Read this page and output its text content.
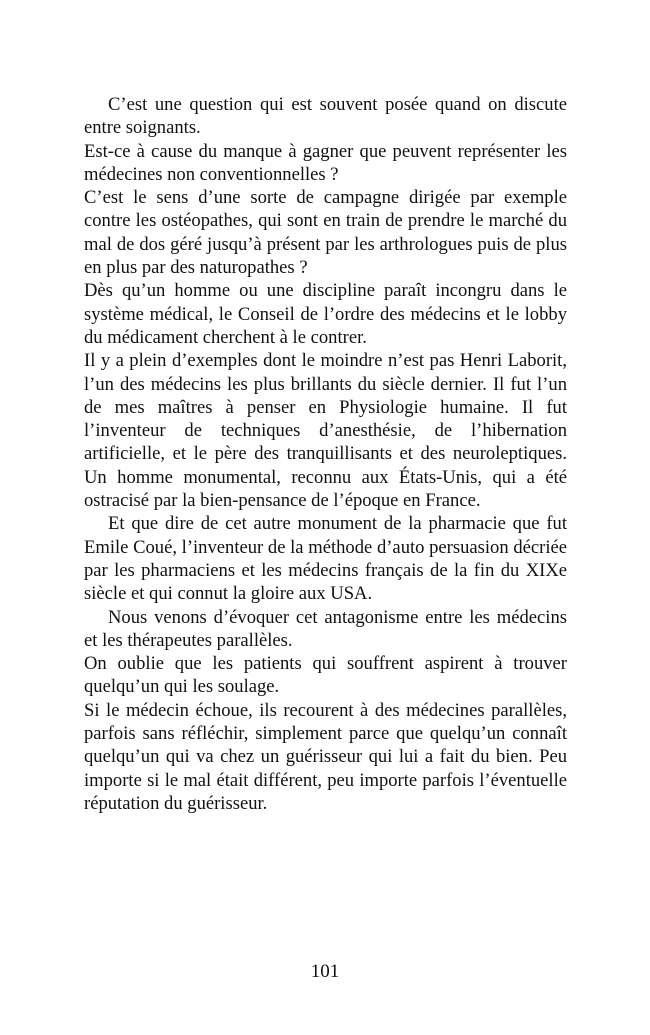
C’est une question qui est souvent posée quand on discute entre soignants.

Est-ce à cause du manque à gagner que peuvent représenter les médecines non conventionnelles ?

C’est le sens d’une sorte de campagne dirigée par exemple contre les ostéopathes, qui sont en train de prendre le marché du mal de dos géré jusqu’à présent par les arthrologues puis de plus en plus par des naturopathes ?

Dès qu’un homme ou une discipline paraît incongru dans le système médical, le Conseil de l’ordre des médecins et le lobby du médicament cherchent à le contrer.

Il y a plein d’exemples dont le moindre n’est pas Henri Laborit, l’un des médecins les plus brillants du siècle dernier. Il fut l’un de mes maîtres à penser en Physiologie humaine. Il fut l’inventeur de techniques d’anesthésie, de l’hibernation artificielle, et le père des tranquillisants et des neuroleptiques. Un homme monumental, reconnu aux États-Unis, qui a été ostracisé par la bien-pensance de l’époque en France.

Et que dire de cet autre monument de la pharmacie que fut Emile Coué, l’inventeur de la méthode d’auto persuasion décriée par les pharmaciens et les médecins français de la fin du XIXe siècle et qui connut la gloire aux USA.

Nous venons d’évoquer cet antagonisme entre les médecins et les thérapeutes parallèles.

On oublie que les patients qui souffrent aspirent à trouver quelqu’un qui les soulage.

Si le médecin échoue, ils recourent à des médecines parallèles, parfois sans réfléchir, simplement parce que quelqu’un connaît quelqu’un qui va chez un guérisseur qui lui a fait du bien. Peu importe si le mal était différent, peu importe parfois l’éventuelle réputation du guérisseur.

101
